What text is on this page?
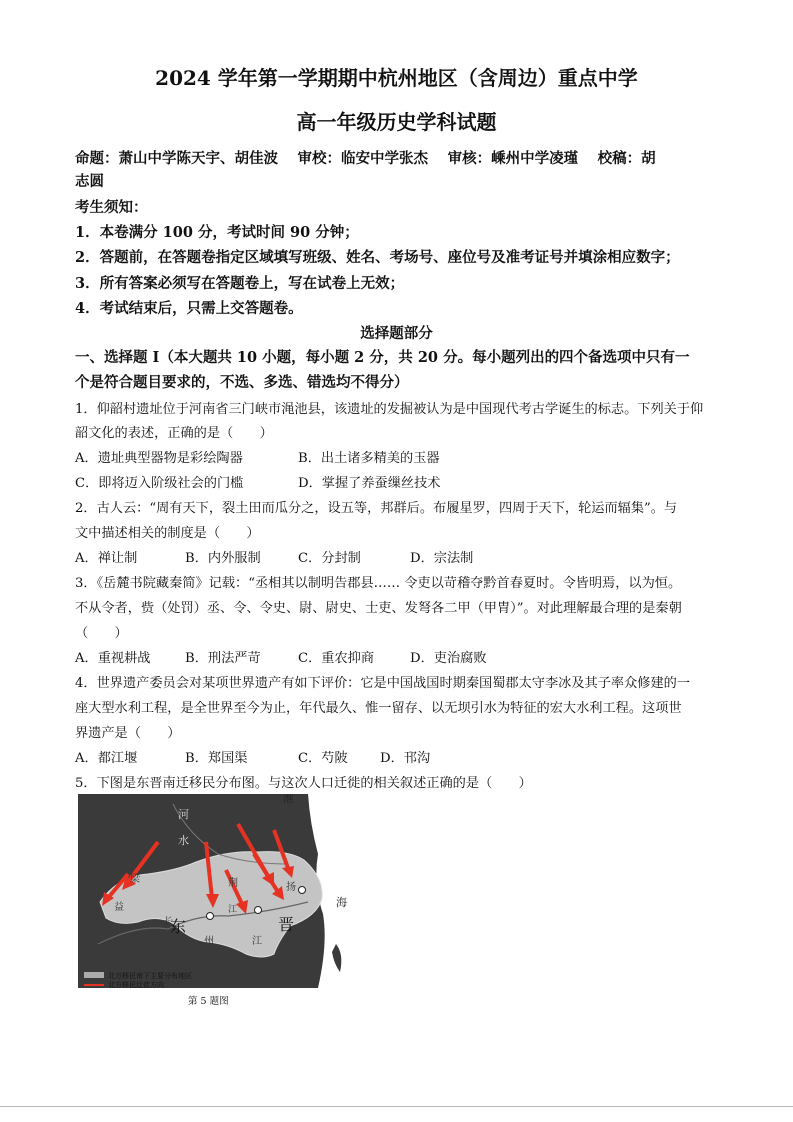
2024 学年第一学期期中杭州地区（含周边）重点中学
高一年级历史学科试题
命题：萧山中学陈天宇、胡佳波　 审校：临安中学张杰　 审核：嵊州中学凌瑾　 校稿：胡
志圆
考生须知：
1．本卷满分 100 分，考试时间 90 分钟；
2．答题前，在答题卷指定区域填写班级、姓名、考场号、座位号及准考证号并填涂相应数字；
3．所有答案必须写在答题卷上，写在试卷上无效；
4．考试结束后，只需上交答题卷。
选择题部分
一、选择题 I（本大题共 10 小题，每小题 2 分，共 20 分。每小题列出的四个备选项中只有一
个是符合题目要求的，不选、多选、错选均不得分）
1．仰韶村遗址位于河南省三门峡市渑池县，该遗址的发掘被认为是中国现代考古学诞生的标志。下列关于仰
韶文化的表述，正确的是（　　）
A．遗址典型器物是彩绘陶器	B．出土诸多精美的玉器
C．即将迈入阶级社会的门槛	D．掌握了养蚕缫丝技术
2．古人云：“周有天下，裂土田而瓜分之，设五等，邦群后。布履星罗，四周于天下，轮运而辐集”。与
文中描述相关的制度是（　　）
A．禅让制	B．内外服制	C．分封制	D．宗法制
3．《岳麓书院藏秦简》记载：“丞相其以制明告郡县…… 令吏以苛稽夺黔首春夏时。令皆明焉，以为恒。
不从令者，赀（处罚）丞、令、令史、尉、尉史、士吏、发弩各二甲（甲胄）”。对此理解最合理的是秦朝
（　　）
A．重视耕战	B．刑法严苛	C．重农抑商	D．吏治腐败
4．世界遗产委员会对某项世界遗产有如下评价：它是中国战国时期秦国蜀郡太守李冰及其子率众修建的一
座大型水利工程，是全世界至今为止，年代最久、惟一留存、以无坝引水为特征的宏大水利工程。这项世
界遗产是（　　）
A．都江堰	B．郑国渠	C．芍陂 D．邗沟
5．下图是东晋南迁移民分布图。与这次人口迁徙的相关叙述正确的是（　　）
河
水
淮
海
东	晋
扬
荆
益
梁
长
江
江
州
北方移民南下主要分布地区
北方移民迁徙方向
第 5 题图
